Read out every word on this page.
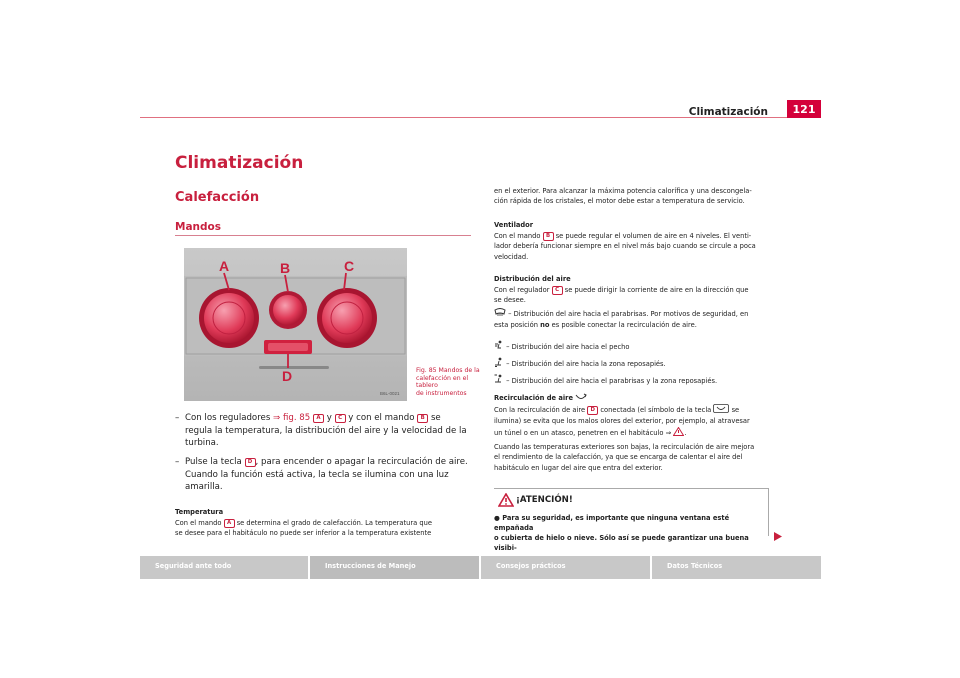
Climatización	121
Climatización
Calefacción
Mandos
A	B	C
D
B6L-0021
Fig. 85 Mandos de la
calefacción en el tablero
de instrumentos
– Con los reguladores ⇒ fig. 85 A y C y con el mando B se
regula la temperatura, la distribución del aire y la velocidad de la
turbina.
– Pulse la tecla D , para encender o apagar la recirculación de aire.
Cuando la función está activa, la tecla se ilumina con una luz
amarilla.
Temperatura
Con el mando A se determina el grado de calefacción. La temperatura que
se desee para el habitáculo no puede ser inferior a la temperatura existente
en el exterior. Para alcanzar la máxima potencia calorífica y una descongela-
ción rápida de los cristales, el motor debe estar a temperatura de servicio.
Ventilador
Con el mando B se puede regular el volumen de aire en 4 niveles. El venti-
lador debería funcionar siempre en el nivel más bajo cuando se circule a poca
velocidad.
Distribución del aire
Con el regulador C se puede dirigir la corriente de aire en la dirección que
se desee.
– Distribución del aire hacia el parabrisas. Por motivos de seguridad, en
esta posición no es posible conectar la recirculación de aire.
– Distribución del aire hacia el pecho
– Distribución del aire hacia la zona reposapiés.
– Distribución del aire hacia el parabrisas y la zona reposapiés.
Recirculación de aire
Con la recirculación de aire D conectada (el símbolo de la tecla	se
ilumina) se evita que los malos olores del exterior, por ejemplo, al atravesar
un túnel o en un atasco, penetren en el habitáculo ⇒ .
Cuando las temperaturas exteriores son bajas, la recirculación de aire mejora
el rendimiento de la calefacción, ya que se encarga de calentar el aire del
habitáculo en lugar del aire que entra del exterior.
¡ATENCIÓN!
● Para su seguridad, es importante que ninguna ventana esté empañada
o cubierta de hielo o nieve. Sólo así se puede garantizar una buena visibi-
Seguridad ante todo	Instrucciones de Manejo	Consejos prácticos	Datos Técnicos
